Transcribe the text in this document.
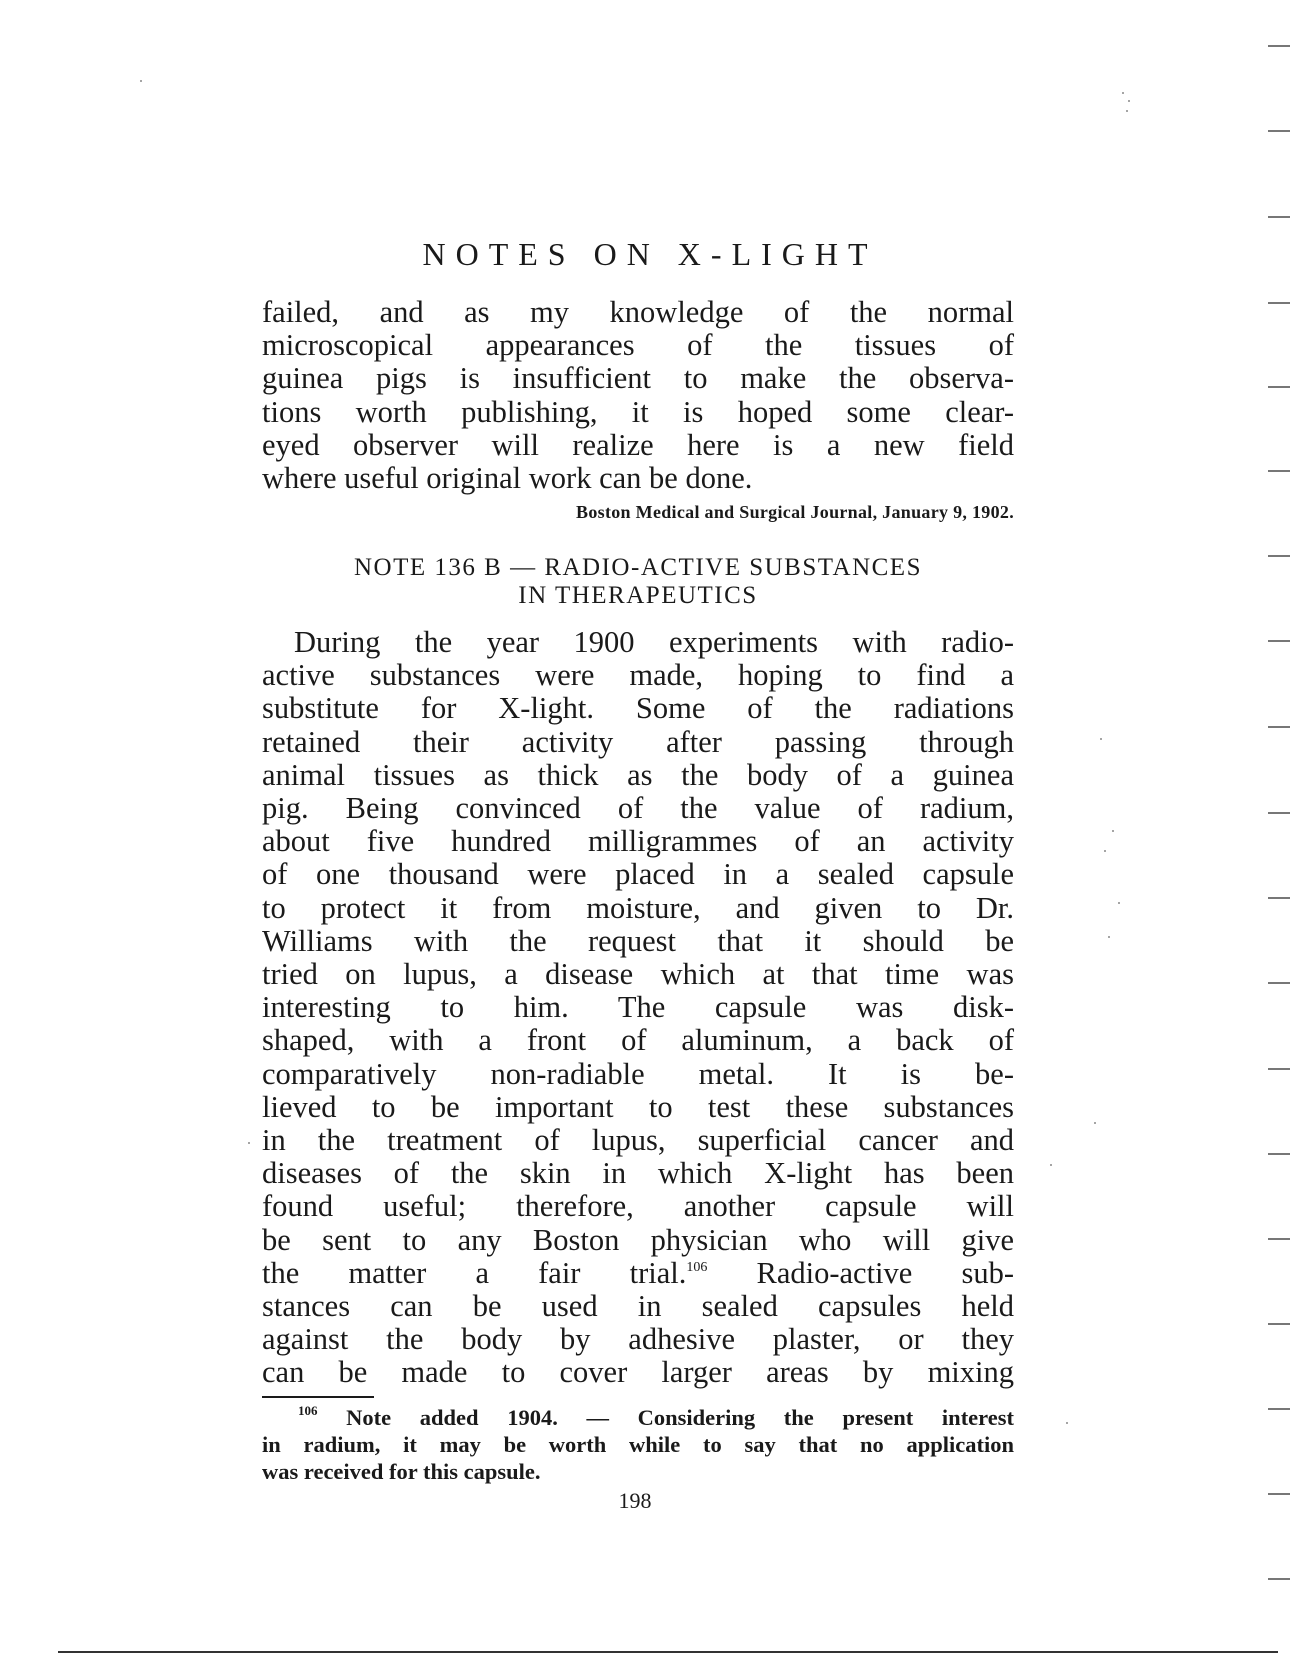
NOTES ON X-LIGHT

failed, and as my knowledge of the normal
microscopical appearances of the tissues of
guinea pigs is insufficient to make the observa-
tions worth publishing, it is hoped some clear-
eyed observer will realize here is a new field
where useful original work can be done.

Boston Medical and Surgical Journal, January 9, 1902.
NOTE 136 B — RADIO-ACTIVE SUBSTANCES
IN THERAPEUTICS

During the year 1900 experiments with radio-
active substances were made, hoping to find a
substitute for X-light. Some of the radiations
retained their activity after passing through
animal tissues as thick as the body of a guinea
pig. Being convinced of the value of radium,
about five hundred milligrammes of an activity
of one thousand were placed in a sealed capsule
to protect it from moisture, and given to Dr.
Williams with the request that it should be
tried on lupus, a disease which at that time was
interesting to him. The capsule was disk-
shaped, with a front of aluminum, a back of
comparatively non-radiable metal. It is be-
lieved to be important to test these substances
in the treatment of lupus, superficial cancer and
diseases of the skin in which X-light has been
found useful; therefore, another capsule will
be sent to any Boston physician who will give
the matter a fair trial.$^{106}$ Radio-active sub-
stances can be used in sealed capsules held
against the body by adhesive plaster, or they
can be made to cover larger areas by mixing

$^{106}$ Note added 1904. — Considering the present interest
in radium, it may be worth while to say that no application
was received for this capsule.
198
